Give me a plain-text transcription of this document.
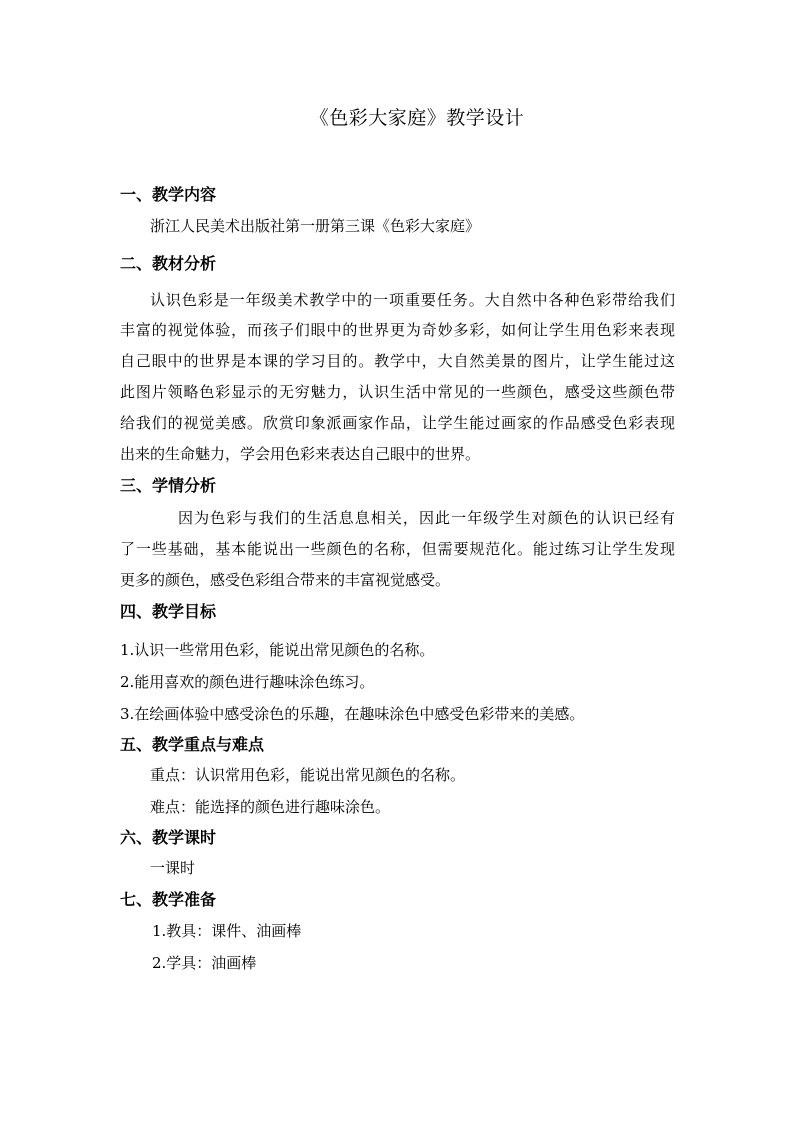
《色彩大家庭》教学设计
一、教学内容
浙江人民美术出版社第一册第三课《色彩大家庭》
二、教材分析
认识色彩是一年级美术教学中的一项重要任务。大自然中各种色彩带给我们
丰富的视觉体验，而孩子们眼中的世界更为奇妙多彩，如何让学生用色彩来表现
自己眼中的世界是本课的学习目的。教学中，大自然美景的图片，让学生能过这
此图片领略色彩显示的无穷魅力，认识生活中常见的一些颜色，感受这些颜色带
给我们的视觉美感。欣赏印象派画家作品，让学生能过画家的作品感受色彩表现
出来的生命魅力，学会用色彩来表达自己眼中的世界。
三、学情分析
因为色彩与我们的生活息息相关，因此一年级学生对颜色的认识已经有
了一些基础，基本能说出一些颜色的名称，但需要规范化。能过练习让学生发现
更多的颜色，感受色彩组合带来的丰富视觉感受。
四、教学目标
1.认识一些常用色彩，能说出常见颜色的名称。
2.能用喜欢的颜色进行趣味涂色练习。
3.在绘画体验中感受涂色的乐趣，在趣味涂色中感受色彩带来的美感。
五、教学重点与难点
重点：认识常用色彩，能说出常见颜色的名称。
难点：能选择的颜色进行趣味涂色。
六、教学课时
一课时
七、教学准备
1.教具：课件、油画棒
2.学具：油画棒
